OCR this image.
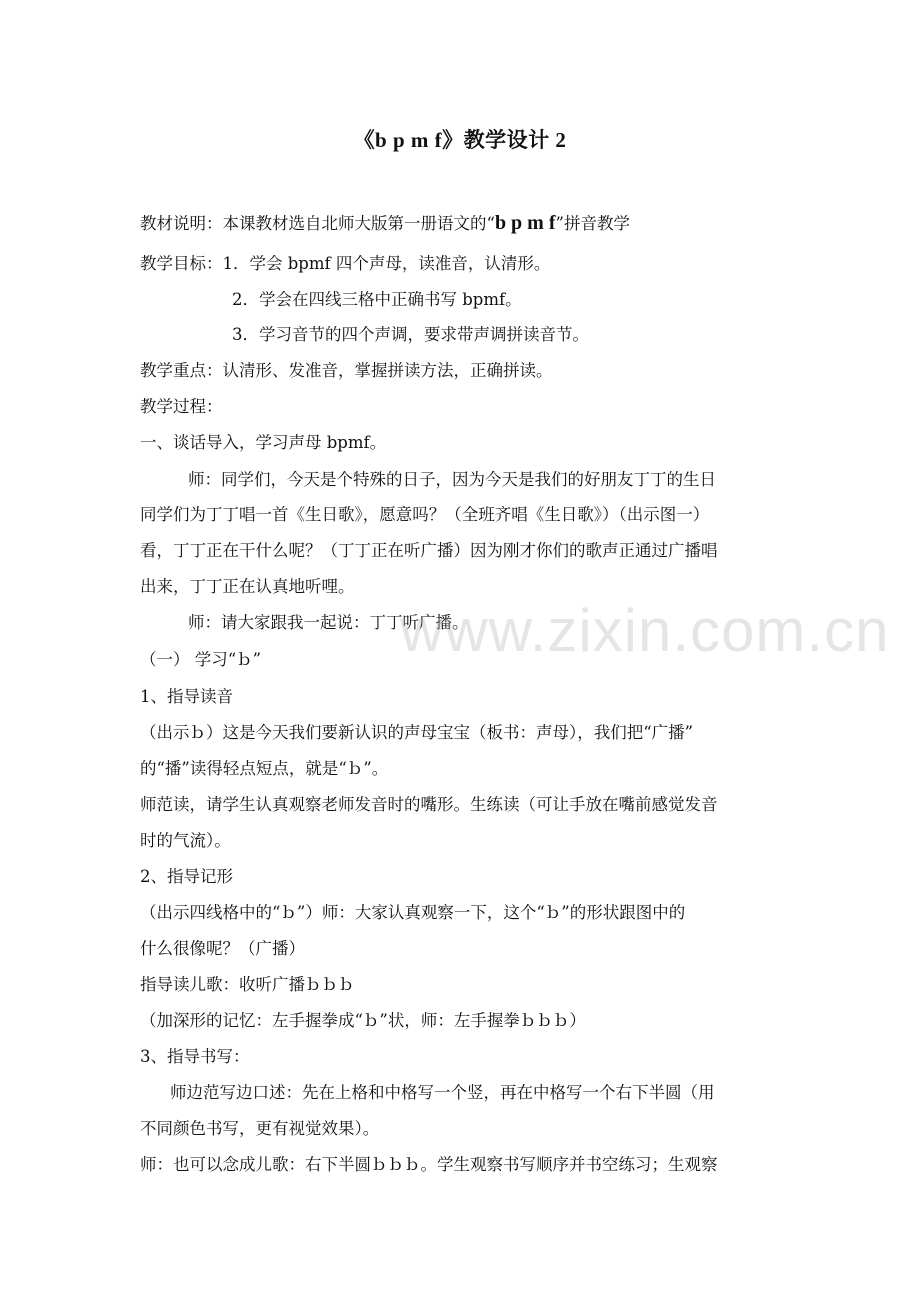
《b p m f》教学设计 2
教材说明：本课教材选自北师大版第一册语文的“b p m f”拼音教学
教学目标：1．学会 bpmf 四个声母，读准音，认清形。
2．学会在四线三格中正确书写 bpmf。
3．学习音节的四个声调，要求带声调拼读音节。
教学重点：认清形、发准音，掌握拼读方法，正确拼读。
教学过程：
一、谈话导入，学习声母 bpmf。
师：同学们，今天是个特殊的日子，因为今天是我们的好朋友丁丁的生日
同学们为丁丁唱一首《生日歌》，愿意吗？（全班齐唱《生日歌》）（出示图一）
看，丁丁正在干什么呢？（丁丁正在听广播）因为刚才你们的歌声正通过广播唱
出来，丁丁正在认真地听哩。
师：请大家跟我一起说：丁丁听广播。
（一） 学习“ｂ”
1、指导读音
（出示ｂ）这是今天我们要新认识的声母宝宝（板书：声母），我们把“广播”
的“播”读得轻点短点，就是“ｂ”。
师范读，请学生认真观察老师发音时的嘴形。生练读（可让手放在嘴前感觉发音
时的气流）。
2、指导记形
（出示四线格中的“ｂ”）师：大家认真观察一下，这个“ｂ”的形状跟图中的
什么很像呢？（广播）
指导读儿歌：收听广播ｂｂｂ
（加深形的记忆：左手握拳成“ｂ”状，师：左手握拳ｂｂｂ）
3、指导书写：
师边范写边口述：先在上格和中格写一个竖，再在中格写一个右下半圆（用
不同颜色书写，更有视觉效果）。
师：也可以念成儿歌：右下半圆ｂｂｂ。学生观察书写顺序并书空练习；生观察
www.zixin.com.cn
